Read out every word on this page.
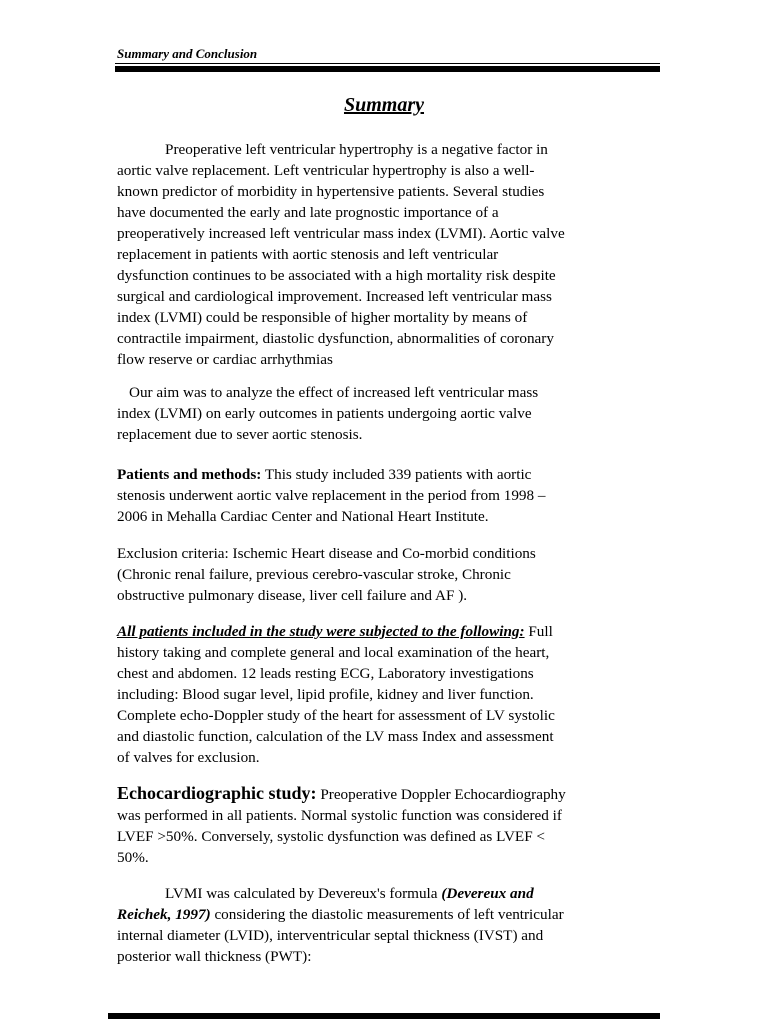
Summary and Conclusion
Summary
Preoperative left ventricular hypertrophy is a negative factor in
aortic valve replacement. Left ventricular hypertrophy is also a well-
known predictor of morbidity in hypertensive patients. Several studies
have documented the early and late prognostic importance of a
preoperatively increased left ventricular mass index (LVMI). Aortic valve
replacement in patients with aortic stenosis and left ventricular
dysfunction continues to be associated with a high mortality risk despite
surgical and cardiological improvement. Increased left ventricular mass
index (LVMI) could be responsible of higher mortality by means of
contractile impairment, diastolic dysfunction, abnormalities of coronary
flow reserve or cardiac arrhythmias
Our aim was to analyze the effect of increased left ventricular mass
index (LVMI) on early outcomes in patients undergoing aortic valve
replacement due to sever aortic stenosis.
Patients and methods: This study included 339 patients with aortic
stenosis underwent aortic valve replacement in the period from 1998 –
2006 in Mehalla Cardiac Center and National Heart Institute.
Exclusion criteria: Ischemic Heart disease and Co-morbid conditions
(Chronic renal failure, previous cerebro-vascular stroke, Chronic
obstructive pulmonary disease, liver cell failure and AF ).
All patients included in the study were subjected to the following: Full
history taking and complete general and local examination of the heart,
chest and abdomen. 12 leads resting ECG, Laboratory investigations
including: Blood sugar level, lipid profile, kidney and liver function.
Complete echo-Doppler study of the heart for assessment of LV systolic
and diastolic function, calculation of the LV mass Index and assessment
of valves for exclusion.
Echocardiographic study: Preoperative Doppler Echocardiography
was performed in all patients. Normal systolic function was considered if
LVEF >50%. Conversely, systolic dysfunction was defined as LVEF <
50%.
LVMI was calculated by Devereux's formula (Devereux and
Reichek, 1997) considering the diastolic measurements of left ventricular
internal diameter (LVID), interventricular septal thickness (IVST) and
posterior wall thickness (PWT):
